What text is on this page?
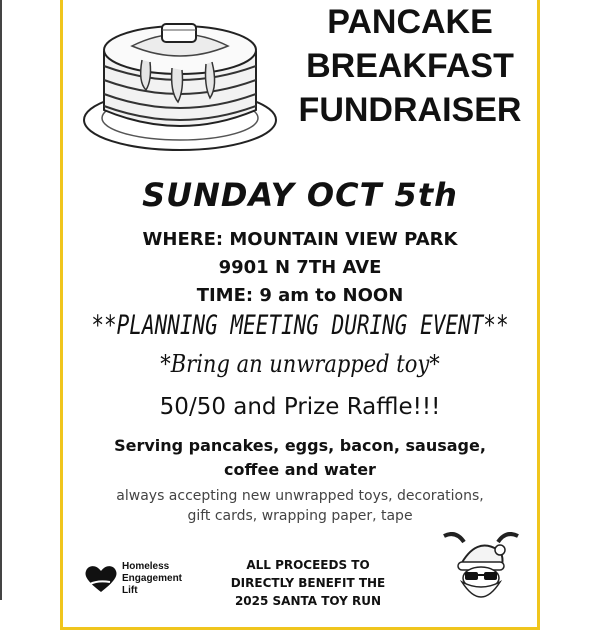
PANCAKE
BREAKFAST
FUNDRAISER
SUNDAY OCT 5th
WHERE: MOUNTAIN VIEW PARK
9901 N 7TH AVE
TIME: 9 am to NOON
**PLANNING MEETING DURING EVENT**
*Bring an unwrapped toy*
50/50 and Prize Raffle!!!
Serving pancakes, eggs, bacon, sausage,
coffee and water
always accepting new unwrapped toys, decorations,
gift cards, wrapping paper, tape
Homeless
Engagement
Lift
ALL PROCEEDS TO
DIRECTLY BENEFIT THE
2025 SANTA TOY RUN
